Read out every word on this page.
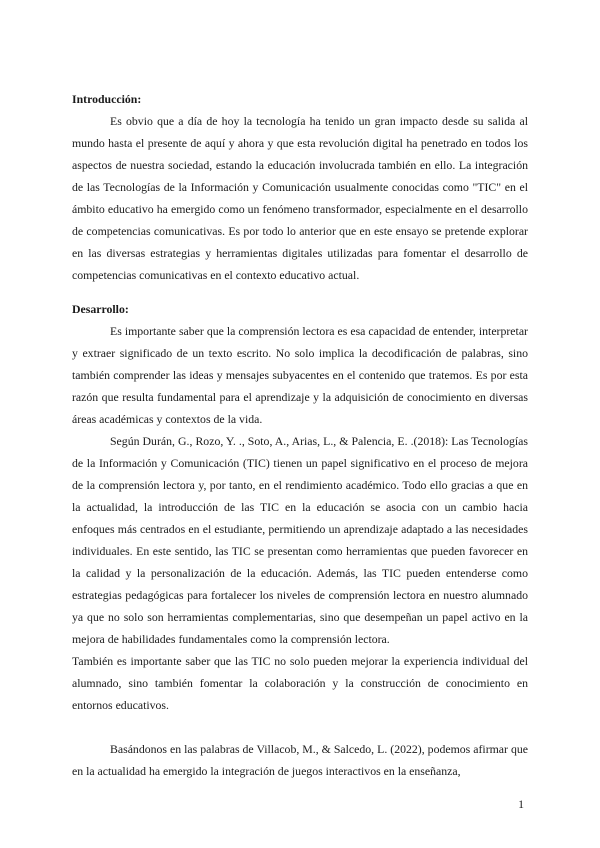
Introducción:

Es obvio que a día de hoy la tecnología ha tenido un gran impacto desde su salida al mundo hasta el presente de aquí y ahora y que esta revolución digital ha penetrado en todos los aspectos de nuestra sociedad, estando la educación involucrada también en ello. La integración de las Tecnologías de la Información y Comunicación usualmente conocidas como "TIC" en el ámbito educativo ha emergido como un fenómeno transformador, especialmente en el desarrollo de competencias comunicativas. Es por todo lo anterior que en este ensayo se pretende explorar en las diversas estrategias y herramientas digitales utilizadas para fomentar el desarrollo de competencias comunicativas en el contexto educativo actual.

Desarrollo:

Es importante saber que la comprensión lectora es esa capacidad de entender, interpretar y extraer significado de un texto escrito. No solo implica la decodificación de palabras, sino también comprender las ideas y mensajes subyacentes en el contenido que tratemos. Es por esta razón que resulta fundamental para el aprendizaje y la adquisición de conocimiento en diversas áreas académicas y contextos de la vida.

Según Durán, G., Rozo, Y. ., Soto, A., Arias, L., & Palencia, E. .(2018): Las Tecnologías de la Información y Comunicación (TIC) tienen un papel significativo en el proceso de mejora de la comprensión lectora y, por tanto, en el rendimiento académico. Todo ello gracias a que en la actualidad, la introducción de las TIC en la educación se asocia con un cambio hacia enfoques más centrados en el estudiante, permitiendo un aprendizaje adaptado a las necesidades individuales. En este sentido, las TIC se presentan como herramientas que pueden favorecer en la calidad y la personalización de la educación. Además, las TIC pueden entenderse como estrategias pedagógicas para fortalecer los niveles de comprensión lectora en nuestro alumnado ya que no solo son herramientas complementarias, sino que desempeñan un papel activo en la mejora de habilidades fundamentales como la comprensión lectora.

También es importante saber que las TIC no solo pueden mejorar la experiencia individual del alumnado, sino también fomentar la colaboración y la construcción de conocimiento en entornos educativos.

Basándonos en las palabras de Villacob, M., & Salcedo, L. (2022), podemos afirmar que en la actualidad ha emergido la integración de juegos interactivos en la enseñanza,

1
